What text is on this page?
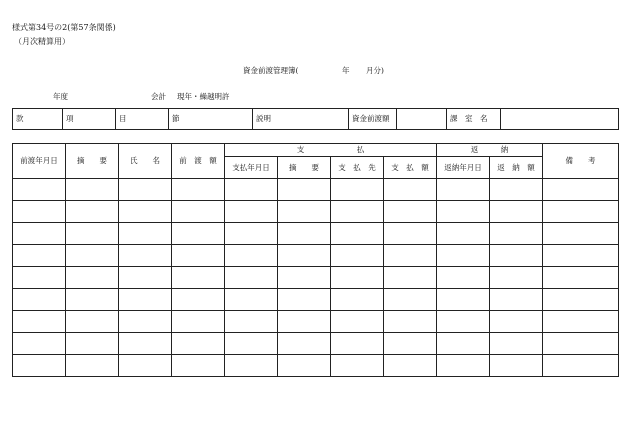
様式第34号の2(第57条関係)
（月次精算用）
資金前渡管理簿(	年 月分)
年度	会計 現年・繰越明許
款	項	目	節	説明	資金前渡額		課　室　名	
前渡年月日	摘　　要	氏　　名	前　渡　額	支　　　　　　　払				返　　　納		備　　考
				支払年月日	摘　　要	支　払　先	支　払　額	返納年月日	返　納　額	
